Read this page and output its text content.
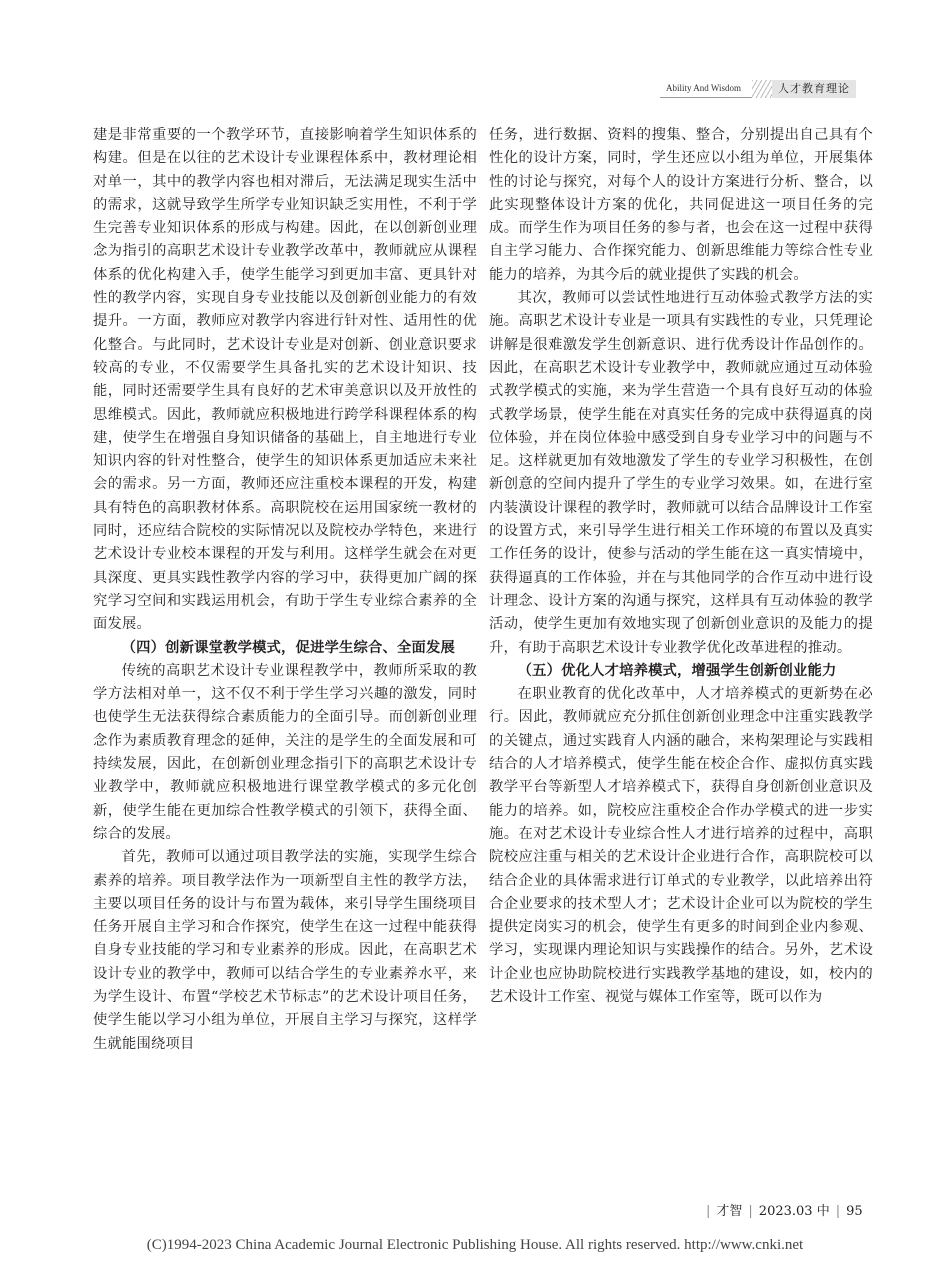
Ability And Wisdom	人才教育理论

建是非常重要的一个教学环节，直接影响着学生知识体系的构建。但是在以往的艺术设计专业课程体系中，教材理论相对单一，其中的教学内容也相对滞后，无法满足现实生活中的需求，这就导致学生所学专业知识缺乏实用性，不利于学生完善专业知识体系的形成与构建。因此，在以创新创业理念为指引的高职艺术设计专业教学改革中，教师就应从课程体系的优化构建入手，使学生能学习到更加丰富、更具针对性的教学内容，实现自身专业技能以及创新创业能力的有效提升。一方面，教师应对教学内容进行针对性、适用性的优化整合。与此同时，艺术设计专业是对创新、创业意识要求较高的专业，不仅需要学生具备扎实的艺术设计知识、技能，同时还需要学生具有良好的艺术审美意识以及开放性的思维模式。因此，教师就应积极地进行跨学科课程体系的构建，使学生在增强自身知识储备的基础上，自主地进行专业知识内容的针对性整合，使学生的知识体系更加适应未来社会的需求。另一方面，教师还应注重校本课程的开发，构建具有特色的高职教材体系。高职院校在运用国家统一教材的同时，还应结合院校的实际情况以及院校办学特色，来进行艺术设计专业校本课程的开发与利用。这样学生就会在对更具深度、更具实践性教学内容的学习中，获得更加广阔的探究学习空间和实践运用机会，有助于学生专业综合素养的全面发展。

（四）创新课堂教学模式，促进学生综合、全面发展

传统的高职艺术设计专业课程教学中，教师所采取的教学方法相对单一，这不仅不利于学生学习兴趣的激发，同时也使学生无法获得综合素质能力的全面引导。而创新创业理念作为素质教育理念的延伸，关注的是学生的全面发展和可持续发展，因此，在创新创业理念指引下的高职艺术设计专业教学中，教师就应积极地进行课堂教学模式的多元化创新，使学生能在更加综合性教学模式的引领下，获得全面、综合的发展。

首先，教师可以通过项目教学法的实施，实现学生综合素养的培养。项目教学法作为一项新型自主性的教学方法，主要以项目任务的设计与布置为载体，来引导学生围绕项目任务开展自主学习和合作探究，使学生在这一过程中能获得自身专业技能的学习和专业素养的形成。因此，在高职艺术设计专业的教学中，教师可以结合学生的专业素养水平，来为学生设计、布置“学校艺术节标志”的艺术设计项目任务，使学生能以学习小组为单位，开展自主学习与探究，这样学生就能围绕项目

任务，进行数据、资料的搜集、整合，分别提出自己具有个性化的设计方案，同时，学生还应以小组为单位，开展集体性的讨论与探究，对每个人的设计方案进行分析、整合，以此实现整体设计方案的优化，共同促进这一项目任务的完成。而学生作为项目任务的参与者，也会在这一过程中获得自主学习能力、合作探究能力、创新思维能力等综合性专业能力的培养，为其今后的就业提供了实践的机会。

其次，教师可以尝试性地进行互动体验式教学方法的实施。高职艺术设计专业是一项具有实践性的专业，只凭理论讲解是很难激发学生创新意识、进行优秀设计作品创作的。因此，在高职艺术设计专业教学中，教师就应通过互动体验式教学模式的实施，来为学生营造一个具有良好互动的体验式教学场景，使学生能在对真实任务的完成中获得逼真的岗位体验，并在岗位体验中感受到自身专业学习中的问题与不足。这样就更加有效地激发了学生的专业学习积极性，在创新创意的空间内提升了学生的专业学习效果。如，在进行室内装潢设计课程的教学时，教师就可以结合品牌设计工作室的设置方式，来引导学生进行相关工作环境的布置以及真实工作任务的设计，使参与活动的学生能在这一真实情境中，获得逼真的工作体验，并在与其他同学的合作互动中进行设计理念、设计方案的沟通与探究，这样具有互动体验的教学活动，使学生更加有效地实现了创新创业意识的及能力的提升，有助于高职艺术设计专业教学优化改革进程的推动。

（五）优化人才培养模式，增强学生创新创业能力

在职业教育的优化改革中，人才培养模式的更新势在必行。因此，教师就应充分抓住创新创业理念中注重实践教学的关键点，通过实践育人内涵的融合，来构架理论与实践相结合的人才培养模式，使学生能在校企合作、虚拟仿真实践教学平台等新型人才培养模式下，获得自身创新创业意识及能力的培养。如，院校应注重校企合作办学模式的进一步实施。在对艺术设计专业综合性人才进行培养的过程中，高职院校应注重与相关的艺术设计企业进行合作，高职院校可以结合企业的具体需求进行订单式的专业教学，以此培养出符合企业要求的技术型人才；艺术设计企业可以为院校的学生提供定岗实习的机会，使学生有更多的时间到企业内参观、学习，实现课内理论知识与实践操作的结合。另外，艺术设计企业也应协助院校进行实践教学基地的建设，如，校内的艺术设计工作室、视觉与媒体工作室等，既可以作为

| 才智 | 2023.03 中 | 95
(C)1994-2023 China Academic Journal Electronic Publishing House. All rights reserved. http://www.cnki.net
